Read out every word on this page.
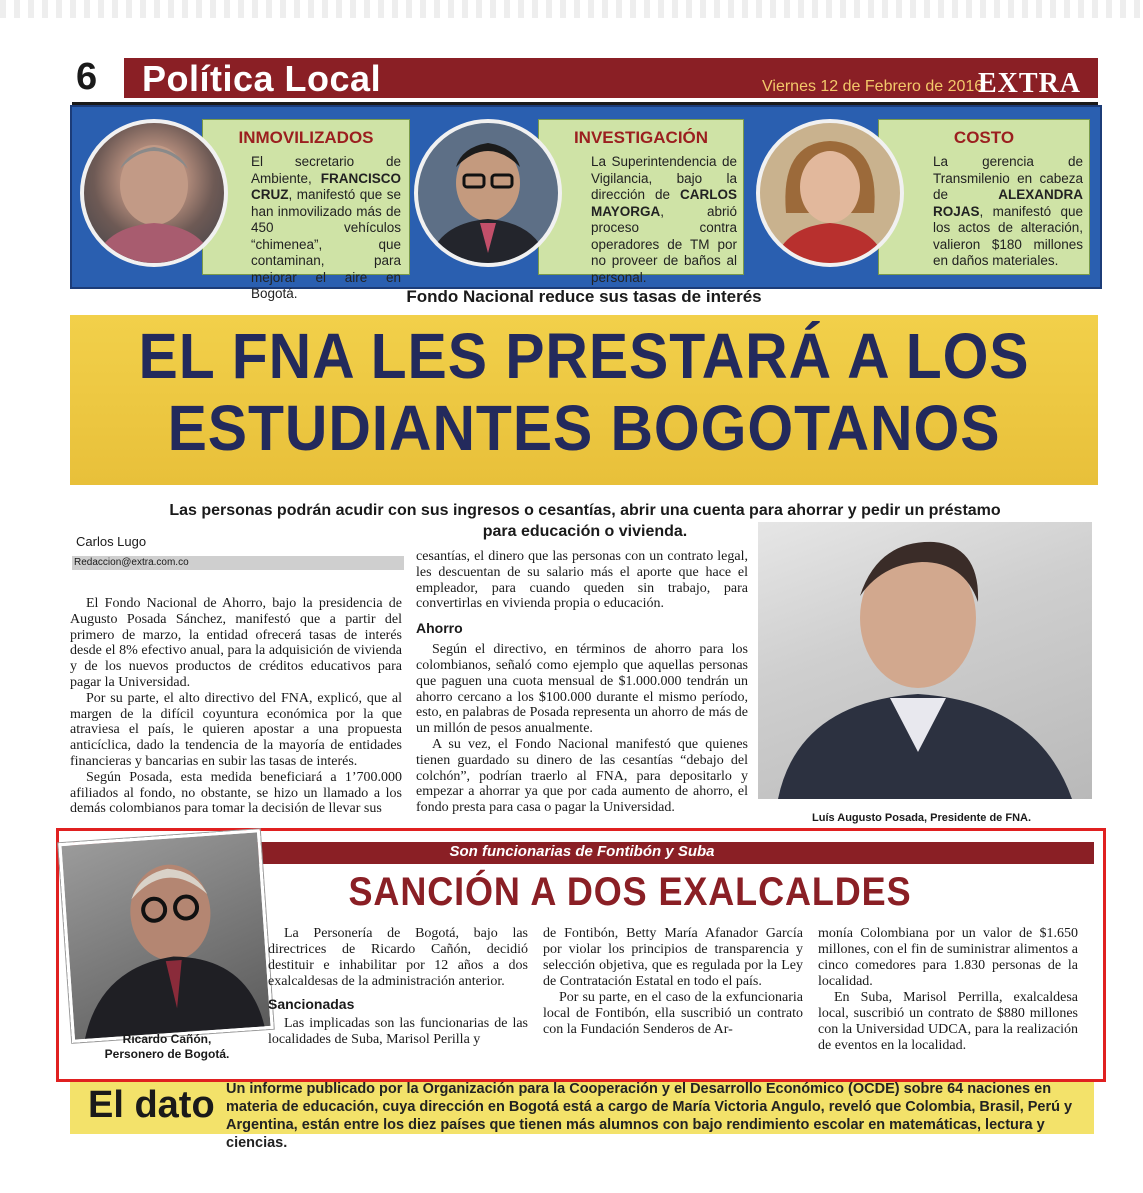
6 Política Local	Viernes 12 de Febrero de 2016
EXTRA
INMOVILIZADOS
El secretario de Ambiente, FRANCISCO CRUZ, manifestó que se han inmovilizado más de 450 vehículos “chimenea”, que contaminan, para mejorar el aire en Bogotá.
INVESTIGACIÓN
La Superintendencia de Vigilancia, bajo la dirección de CARLOS MAYORGA, abrió proceso contra operadores de TM por no proveer de baños al personal.
COSTO
La gerencia de Transmilenio en cabeza de ALEXANDRA ROJAS, manifestó que los actos de alteración, valieron $180 millones en daños materiales.
Fondo Nacional reduce sus tasas de interés
EL FNA LES PRESTARÁ A LOS
ESTUDIANTES BOGOTANOS
Las personas podrán acudir con sus ingresos o cesantías, abrir una cuenta para ahorrar y pedir un préstamo para educación o vivienda.
Carlos Lugo
Redaccion@extra.com.co

El Fondo Nacional de Ahorro, bajo la presidencia de Augusto Posada Sánchez, manifestó que a partir del primero de marzo, la entidad ofrecerá tasas de interés desde el 8% efectivo anual, para la adquisición de vivienda y de los nuevos productos de créditos educativos para pagar la Universidad.

Por su parte, el alto directivo del FNA, explicó, que al margen de la difícil coyuntura económica por la que atraviesa el país, le quieren apostar a una propuesta anticíclica, dado la tendencia de la mayoría de entidades financieras y bancarias en subir las tasas de interés.

Según Posada, esta medida beneficiará a 1’700.000 afiliados al fondo, no obstante, se hizo un llamado a los demás colombianos para tomar la decisión de llevar sus

cesantías, el dinero que las personas con un contrato legal, les descuentan de su salario más el aporte que hace el empleador, para cuando queden sin trabajo, para convertirlas en vivienda propia o educación.

Ahorro

Según el directivo, en términos de ahorro para los colombianos, señaló como ejemplo que aquellas personas que paguen una cuota mensual de $1.000.000 tendrán un ahorro cercano a los $100.000 durante el mismo período, esto, en palabras de Posada representa un ahorro de más de un millón de pesos anualmente.

A su vez, el Fondo Nacional manifestó que quienes tienen guardado su dinero de las cesantías “debajo del colchón”, podrían traerlo al FNA, para depositarlo y empezar a ahorrar ya que por cada aumento de ahorro, el fondo presta para casa o pagar la Universidad.

Luís Augusto Posada, Presidente de FNA.
Son funcionarias de Fontibón y Suba
SANCIÓN A DOS EXALCALDES
Ricardo Cañón,
Personero de Bogotá.

La Personería de Bogotá, bajo las directrices de Ricardo Cañón, decidió destituir e inhabilitar por 12 años a dos exalcaldesas de la administración anterior.

Sancionadas

Las implicadas son las funcionarias de las localidades de Suba, Marisol Perilla y

de Fontibón, Betty María Afanador García por violar los principios de transparencia y selección objetiva, que es regulada por la Ley de Contratación Estatal en todo el país.

Por su parte, en el caso de la exfuncionaria local de Fontibón, ella suscribió un contrato con la Fundación Senderos de Ar-

monía Colombiana por un valor de $1.650 millones, con el fin de suministrar alimentos a cinco comedores para 1.830 personas de la localidad.

En Suba, Marisol Perrilla, exalcaldesa local, suscribió un contrato de $880 millones con la Universidad UDCA, para la realización de eventos en la localidad.

El dato Un informe publicado por la Organización para la Cooperación y el Desarrollo Económico (OCDE) sobre 64 naciones en materia de educación, cuya dirección en Bogotá está a cargo de María Victoria Angulo, reveló que Colombia, Brasil, Perú y Argentina, están entre los diez países que tienen más alumnos con bajo rendimiento escolar en matemáticas, lectura y ciencias.
